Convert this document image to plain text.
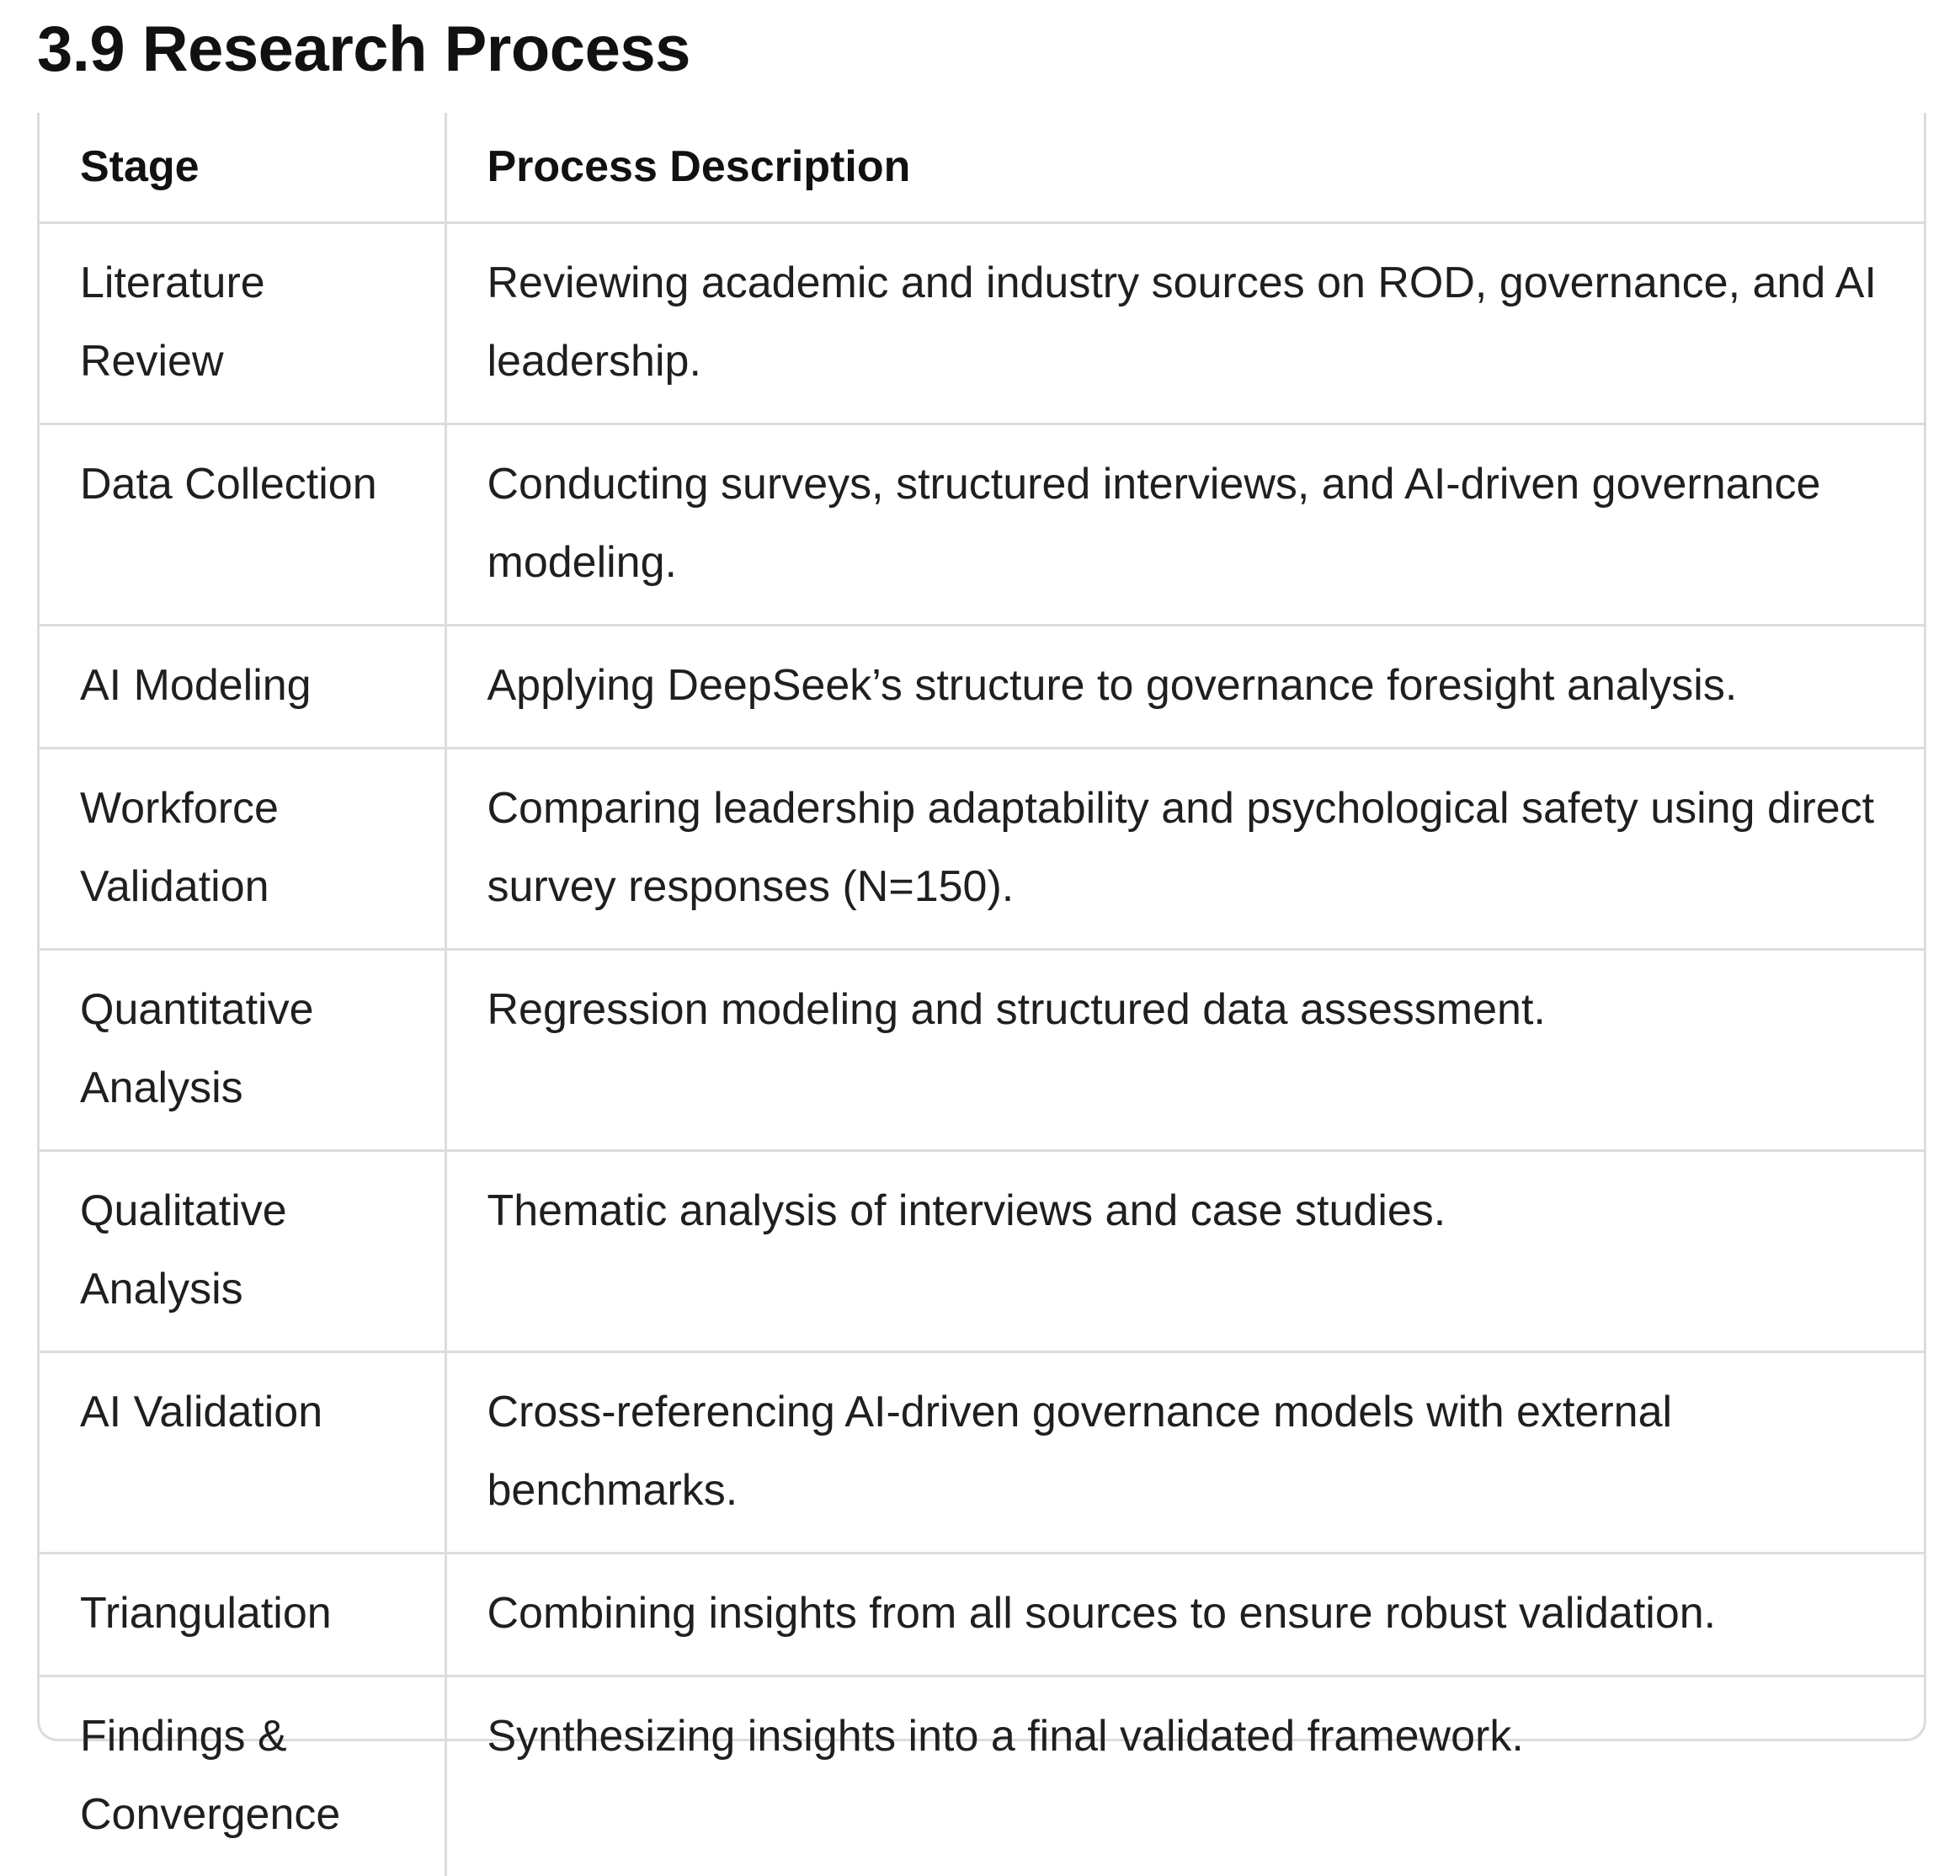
3.9 Research Process
Stage	Process Description
Literature Review	Reviewing academic and industry sources on ROD, governance, and AI leadership.
Data Collection	Conducting surveys, structured interviews, and AI-driven governance modeling.
AI Modeling	Applying DeepSeek’s structure to governance foresight analysis.
Workforce Validation	Comparing leadership adaptability and psychological safety using direct survey responses (N=150).
Quantitative Analysis	Regression modeling and structured data assessment.
Qualitative Analysis	Thematic analysis of interviews and case studies.
AI Validation	Cross-referencing AI-driven governance models with external benchmarks.
Triangulation	Combining insights from all sources to ensure robust validation.
Findings & Convergence	Synthesizing insights into a final validated framework.
